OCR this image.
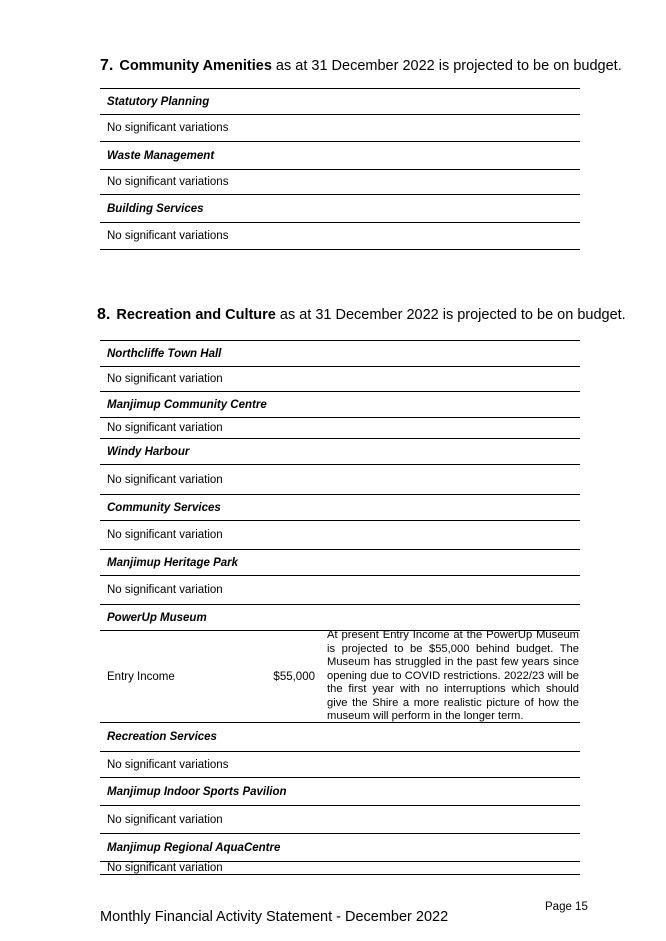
7. Community Amenities as at 31 December 2022 is projected to be on budget.
Statutory Planning
No significant variations
Waste Management
No significant variations
Building Services
No significant variations
8. Recreation and Culture as at 31 December 2022 is projected to be on budget.
Northcliffe Town Hall
No significant variation
Manjimup Community Centre
No significant variation
Windy Harbour
No significant variation
Community Services
No significant variation
Manjimup Heritage Park
No significant variation
PowerUp Museum
Entry Income	$55,000
At present Entry Income at the PowerUp Museum is projected to be $55,000 behind budget. The Museum has struggled in the past few years since opening due to COVID restrictions. 2022/23 will be the first year with no interruptions which should give the Shire a more realistic picture of how the museum will perform in the longer term.
Recreation Services
No significant variations
Manjimup Indoor Sports Pavilion
No significant variation
Manjimup Regional AquaCentre
No significant variation
Page 15
Monthly Financial Activity Statement - December 2022
